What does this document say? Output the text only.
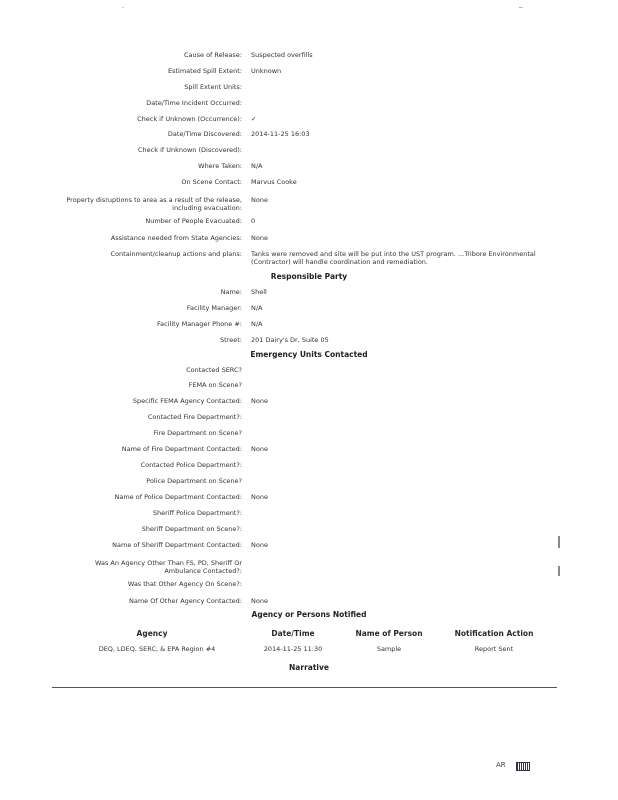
.	_
Cause of Release: Suspected overfills
Estimated Spill Extent: Unknown
Spill Extent Units:
Date/Time Incident Occurred:
Check if Unknown (Occurrence): ✓
Date/Time Discovered: 2014-11-25 16:03
Check if Unknown (Discovered):
Where Taken: N/A
On Scene Contact: Marvus Cooke
Property disruptions to area as a result of the release, including evacuation:
None
Number of People Evacuated: 0
Assistance needed from State Agencies: None
Containment/cleanup actions and plans: Tanks were removed and site will be put into the UST program. ...Tribore Environmental (Contractor) will handle coordination and remediation.
Responsible Party
Name: Shell
Facility Manager: N/A
Facility Manager Phone #: N/A
Street: 201 Dairy's Dr, Suite 05
Emergency Units Contacted
Contacted SERC?
FEMA on Scene?
Specific FEMA Agency Contacted: None
Contacted Fire Department?:
Fire Department on Scene?
Name of Fire Department Contacted: None
Contacted Police Department?:
Police Department on Scene?
Name of Police Department Contacted: None
Sheriff Police Department?:
Sheriff Department on Scene?:
Name of Sheriff Department Contacted: None
Was An Agency Other Than FS, PD, Sheriff Or Ambulance Contacted?:
Was that Other Agency On Scene?:
Name Of Other Agency Contacted: None
Agency or Persons Notified
Agency	Date/Time	Name of Person	Notification Action
DEQ, LDEQ, SERC, & EPA Region #4	2014-11-25 11:30	Sample	Report Sent
Narrative
AR
